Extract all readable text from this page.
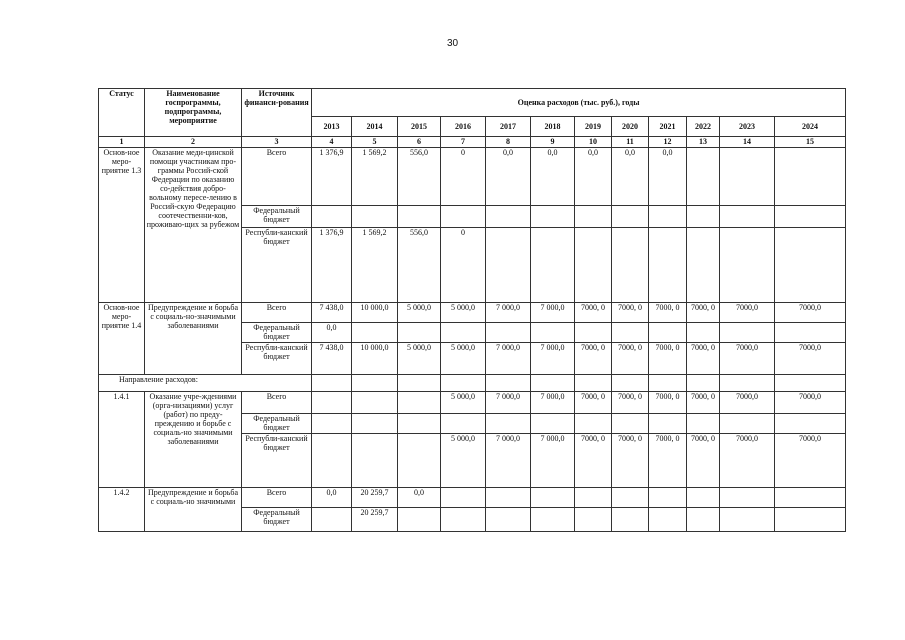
30
Статус	Наименование госпрограммы, подпрограммы, мероприятие	Источник финанси-рования	Оценка расходов (тыс. руб.), годы											
			2013	2014	2015	2016	2017	2018	2019	2020	2021	2022	2023	2024
1	2	3	4	5	6	7	8	9	10	11	12	13	14	15
Основ-ное меро-приятие 1.3	Оказание меди-цинской помощи участникам про-граммы Россий-ской Федерации по оказанию со-действия добро-вольному пересе-лению в Россий-скую Федерацию соотечественни-ков, проживаю-щих за рубежом	Всего	1 376,9	1 569,2	556,0	0	0,0	0,0	0,0	0,0	0,0			
		Федеральный бюджет												
		Республи-канский бюджет	1 376,9	1 569,2	556,0	0								
Основ-ное меро-приятие 1.4	Предупреждение и борьба с социаль-но-значимыми заболеваниями	Всего	7 438,0	10 000,0	5 000,0	5 000,0	7 000,0	7 000,0	7000, 0	7000, 0	7000, 0	7000, 0	7000,0	7000,0
		Федеральный бюджет	0,0											
		Республи-канский бюджет	7 438,0	10 000,0	5 000,0	5 000,0	7 000,0	7 000,0	7000, 0	7000, 0	7000, 0	7000, 0	7000,0	7000,0
Направление расходов:														
1.4.1	Оказание учре-ждениями (орга-низациями) услуг (работ) по преду-преждению и борьбе с социаль-но значимыми заболеваниями	Всего				5 000,0	7 000,0	7 000,0	7000, 0	7000, 0	7000, 0	7000, 0	7000,0	7000,0
		Федеральный бюджет												
		Республи-канский бюджет				5 000,0	7 000,0	7 000,0	7000, 0	7000, 0	7000, 0	7000, 0	7000,0	7000,0
1.4.2	Предупреждение и борьба с социаль-но значимыми	Всего	0,0	20 259,7	0,0									
		Федеральный бюджет		20 259,7										
